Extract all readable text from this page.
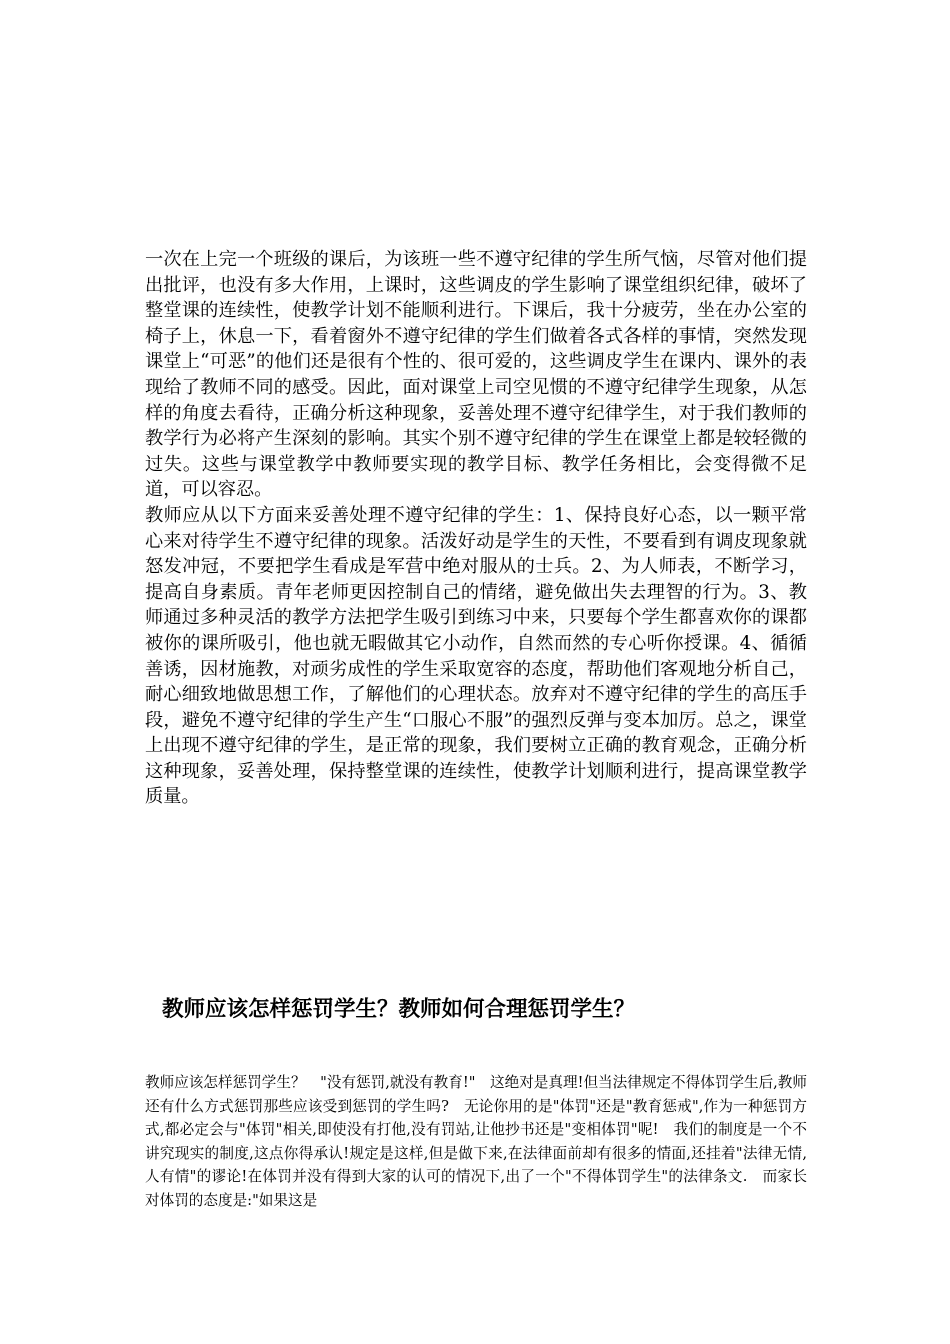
一次在上完一个班级的课后，为该班一些不遵守纪律的学生所气恼，尽管对他们提出批评，也没有多大作用，上课时，这些调皮的学生影响了课堂组织纪律，破坏了整堂课的连续性，使教学计划不能顺利进行。下课后，我十分疲劳，坐在办公室的椅子上，休息一下，看着窗外不遵守纪律的学生们做着各式各样的事情，突然发现课堂上“可恶”的他们还是很有个性的、很可爱的，这些调皮学生在课内、课外的表现给了教师不同的感受。因此，面对课堂上司空见惯的不遵守纪律学生现象，从怎样的角度去看待，正确分析这种现象，妥善处理不遵守纪律学生，对于我们教师的教学行为必将产生深刻的影响。其实个别不遵守纪律的学生在课堂上都是较轻微的过失。这些与课堂教学中教师要实现的教学目标、教学任务相比，会变得微不足道，可以容忍。

教师应从以下方面来妥善处理不遵守纪律的学生：1、保持良好心态，以一颗平常心来对待学生不遵守纪律的现象。活泼好动是学生的天性，不要看到有调皮现象就怒发冲冠，不要把学生看成是军营中绝对服从的士兵。2、为人师表，不断学习，提高自身素质。青年老师更因控制自己的情绪，避免做出失去理智的行为。3、教师通过多种灵活的教学方法把学生吸引到练习中来，只要每个学生都喜欢你的课都被你的课所吸引，他也就无暇做其它小动作，自然而然的专心听你授课。4、循循善诱，因材施教，对顽劣成性的学生采取宽容的态度，帮助他们客观地分析自己，耐心细致地做思想工作，了解他们的心理状态。放弃对不遵守纪律的学生的高压手段，避免不遵守纪律的学生产生“口服心不服”的强烈反弹与变本加厉。总之，课堂上出现不遵守纪律的学生，是正常的现象，我们要树立正确的教育观念，正确分析这种现象，妥善处理，保持整堂课的连续性，使教学计划顺利进行，提高课堂教学质量。

教师应该怎样惩罚学生？教师如何合理惩罚学生？

教师应该怎样惩罚学生？　"没有惩罚,就没有教育!"　这绝对是真理!但当法律规定不得体罚学生后,教师还有什么方式惩罚那些应该受到惩罚的学生吗?　无论你用的是"体罚"还是"教育惩戒",作为一种惩罚方式,都必定会与"体罚"相关,即使没有打他,没有罚站,让他抄书还是"变相体罚"呢!　我们的制度是一个不讲究现实的制度,这点你得承认!规定是这样,但是做下来,在法律面前却有很多的情面,还挂着"法律无情,人有情"的谬论!在体罚并没有得到大家的认可的情况下,出了一个"不得体罚学生"的法律条文.　而家长对体罚的态度是:"如果这是
